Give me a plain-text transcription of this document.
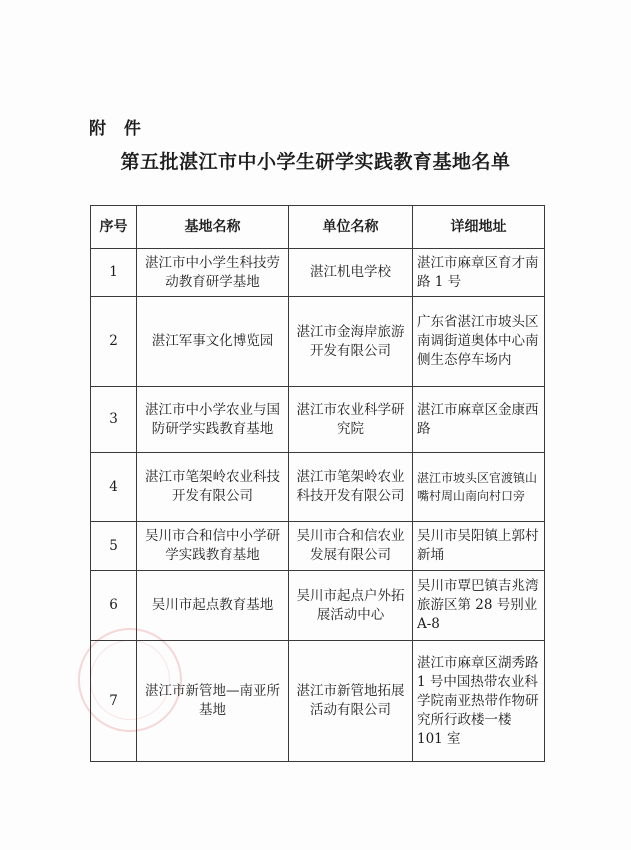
附 件
第五批湛江市中小学生研学实践教育基地名单
序号	基地名称	单位名称	详细地址
1	湛江市中小学生科技劳动教育研学基地	湛江机电学校	湛江市麻章区育才南路 1 号
2	湛江军事文化博览园	湛江市金海岸旅游开发有限公司	广东省湛江市坡头区南调街道奥体中心南侧生态停车场内
3	湛江市中小学农业与国防研学实践教育基地	湛江市农业科学研究院	湛江市麻章区金康西路
4	湛江市笔架岭农业科技开发有限公司	湛江市笔架岭农业科技开发有限公司	湛江市坡头区官渡镇山嘴村周山南向村口旁
5	吴川市合和信中小学研学实践教育基地	吴川市合和信农业发展有限公司	吴川市吴阳镇上郭村新埇
6	吴川市起点教育基地	吴川市起点户外拓展活动中心	吴川市覃巴镇吉兆湾旅游区第 28 号别业 A-8
7	湛江市新管地—南亚所基地	湛江市新管地拓展活动有限公司	湛江市麻章区湖秀路 1 号中国热带农业科学院南亚热带作物研究所行政楼一楼 101 室
